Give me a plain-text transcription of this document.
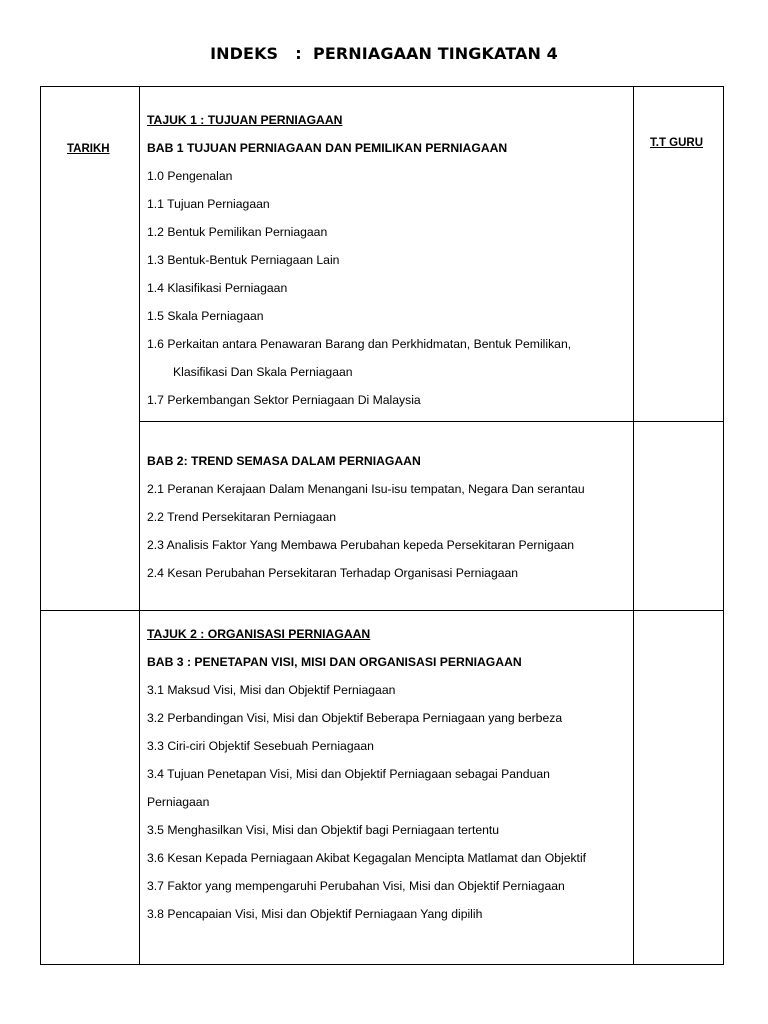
INDEKS   :  PERNIAGAAN TINGKATAN 4
TARIKH	T.T GURU
TAJUK 1 : TUJUAN PERNIAGAAN
BAB 1 TUJUAN PERNIAGAAN DAN PEMILIKAN PERNIAGAAN
1.0 Pengenalan
1.1 Tujuan Perniagaan
1.2 Bentuk Pemilikan Perniagaan
1.3 Bentuk-Bentuk Perniagaan Lain
1.4 Klasifikasi Perniagaan
1.5 Skala Perniagaan
1.6 Perkaitan antara Penawaran Barang dan Perkhidmatan, Bentuk Pemilikan,
Klasifikasi Dan Skala Perniagaan
1.7 Perkembangan Sektor Perniagaan Di Malaysia
BAB 2: TREND SEMASA DALAM PERNIAGAAN
2.1 Peranan Kerajaan Dalam Menangani Isu-isu tempatan, Negara Dan serantau
2.2 Trend Persekitaran Perniagaan
2.3 Analisis Faktor Yang Membawa Perubahan kepeda Persekitaran Pernigaan
2.4 Kesan Perubahan Persekitaran Terhadap Organisasi Perniagaan
TAJUK 2 : ORGANISASI PERNIAGAAN
BAB 3 : PENETAPAN VISI, MISI DAN ORGANISASI PERNIAGAAN
3.1 Maksud Visi, Misi dan Objektif Perniagaan
3.2 Perbandingan Visi, Misi dan Objektif Beberapa Perniagaan yang berbeza
3.3 Ciri-ciri Objektif Sesebuah Perniagaan
3.4 Tujuan Penetapan Visi, Misi dan Objektif Perniagaan sebagai Panduan
Perniagaan
3.5 Menghasilkan Visi, Misi dan Objektif bagi Perniagaan tertentu
3.6 Kesan Kepada Perniagaan Akibat Kegagalan Mencipta Matlamat dan Objektif
3.7 Faktor yang mempengaruhi Perubahan Visi, Misi dan Objektif Perniagaan
3.8 Pencapaian Visi, Misi dan Objektif Perniagaan Yang dipilih
